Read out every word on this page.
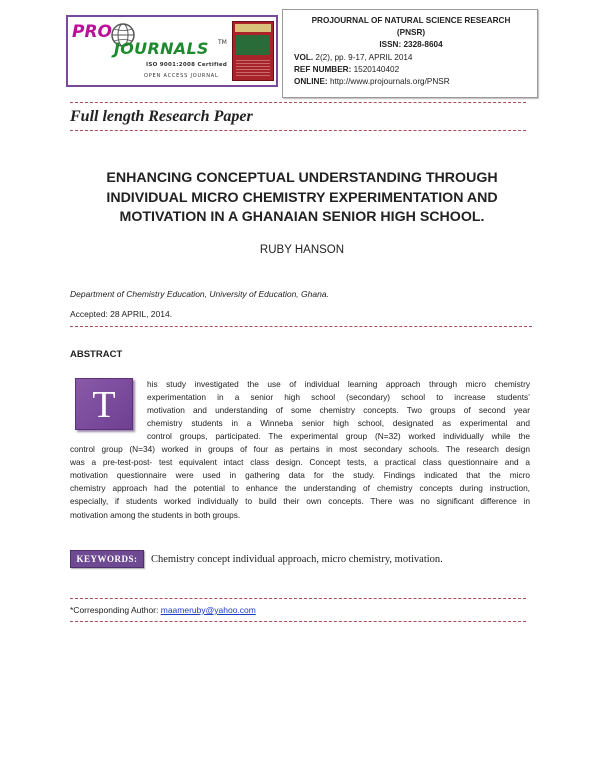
PRO
JOURNALS TM
ISO 9001:2008 Certified
OPEN ACCESS JOURNAL
PROJOURNAL OF NATURAL SCIENCE RESEARCH
(PNSR)
ISSN: 2328-8604
VOL. 2(2), pp. 9-17, APRIL 2014
REF NUMBER: 1520140402
ONLINE: http://www.projournals.org/PNSR
Full length Research Paper
ENHANCING CONCEPTUAL UNDERSTANDING THROUGH
INDIVIDUAL MICRO CHEMISTRY EXPERIMENTATION AND
MOTIVATION IN A GHANAIAN SENIOR HIGH SCHOOL.
RUBY HANSON
Department of Chemistry Education, University of Education, Ghana.
Accepted: 28 APRIL, 2014.
ABSTRACT
T	his study investigated the use of individual learning approach through micro chemistry
experimentation in a senior high school (secondary) school to increase students’
motivation and understanding of some chemistry concepts. Two groups of second year
chemistry students in a Winneba senior high school, designated as experimental and
control groups, participated. The experimental group (N=32) worked individually while the
control group (N=34) worked in groups of four as pertains in most secondary schools. The research design
was a pre-test-post- test equivalent intact class design. Concept tests, a practical class questionnaire and a
motivation questionnaire were used in gathering data for the study. Findings indicated that the micro
chemistry approach had the potential to enhance the understanding of chemistry concepts during instruction,
especially, if students worked individually to build their own concepts. There was no significant difference in
motivation among the students in both groups.
KEYWORDS:	Chemistry concept individual approach, micro chemistry, motivation.
*Corresponding Author: maameruby@yahoo.com
